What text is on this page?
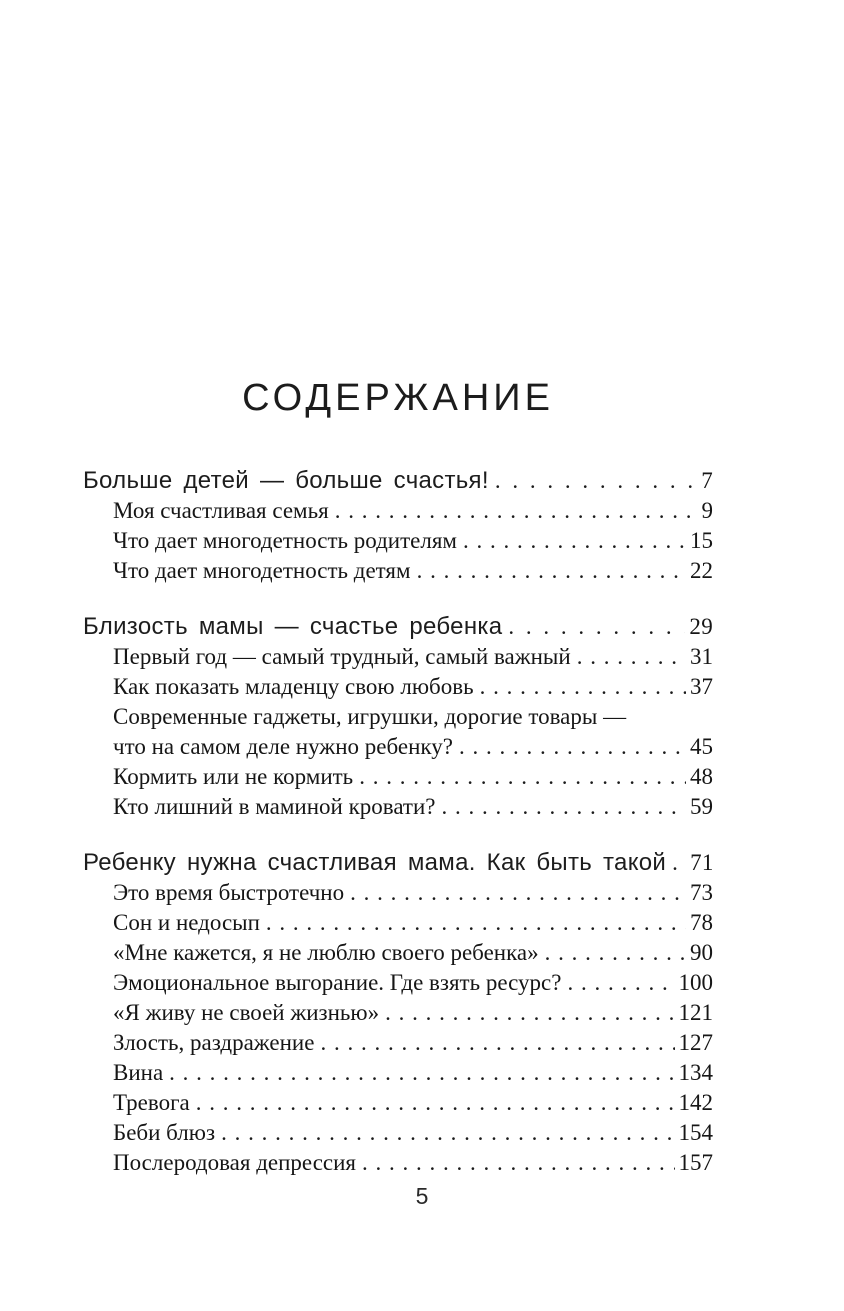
СОДЕРЖАНИЕ
Больше детей — больше счастья! . . .	7
Моя счастливая семья . . .	9
Что дает многодетность родителям . . .	15
Что дает многодетность детям . . .	22
Близость мамы — счастье ребенка . . .	29
Первый год — самый трудный, самый важный . . .	31
Как показать младенцу свою любовь . . .	37
Современные гаджеты, игрушки, дорогие товары —
что на самом деле нужно ребенку? . . .	45
Кормить или не кормить . . .	48
Кто лишний в маминой кровати? . . .	59
Ребенку нужна счастливая мама. Как быть такой . . . 71
Это время быстротечно . . .	73
Сон и недосып . . .	78
«Мне кажется, я не люблю своего ребенка» . . .	90
Эмоциональное выгорание. Где взять ресурс? . . .	100
«Я живу не своей жизнью» . . .	121
Злость, раздражение . . .	127
Вина . . .	134
Тревога . . .	142
Беби блюз . . .	154
Послеродовая депрессия . . .	157
5
